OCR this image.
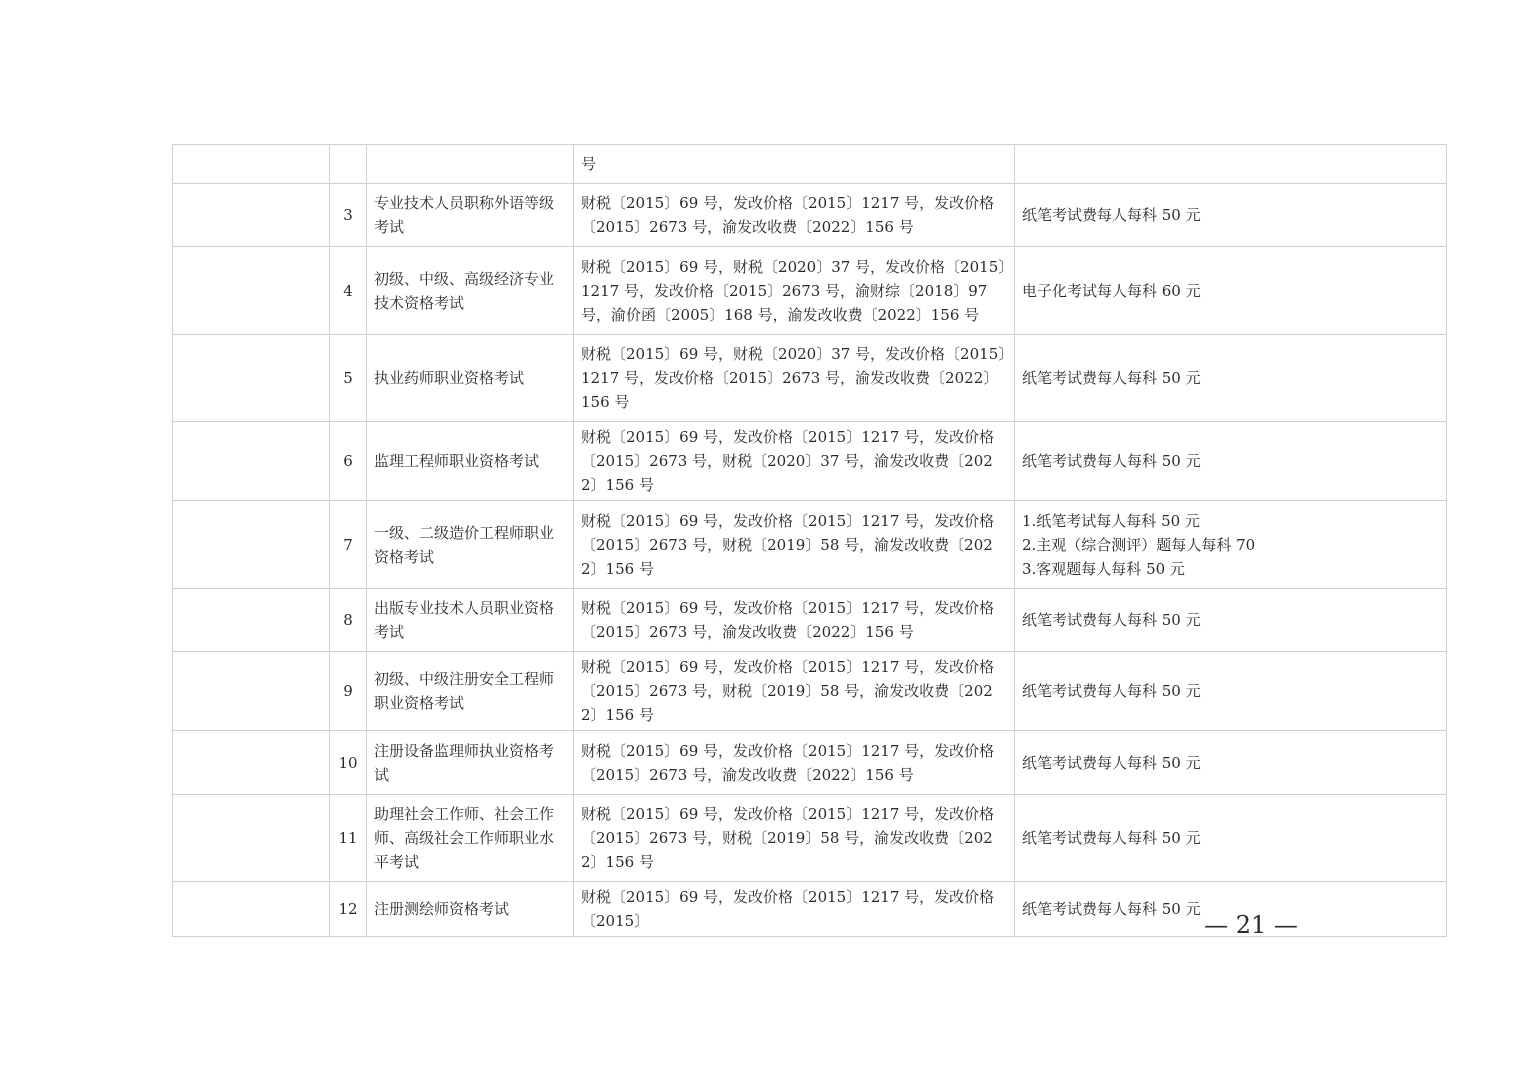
			号	

	3	专业技术人员职称外语等级考试	财税〔2015〕69 号，发改价格〔2015〕1217 号，发改价格〔2015〕2673 号，渝发改收费〔2022〕156 号	纸笔考试费每人每科 50 元

	4	初级、中级、高级经济专业技术资格考试	财税〔2015〕69 号，财税〔2020〕37 号，发改价格〔2015〕1217 号，发改价格〔2015〕2673 号，渝财综〔2018〕97 号，渝价函〔2005〕168 号，渝发改收费〔2022〕156 号	电子化考试每人每科 60 元

	5	执业药师职业资格考试	财税〔2015〕69 号，财税〔2020〕37 号，发改价格〔2015〕1217 号，发改价格〔2015〕2673 号，渝发改收费〔2022〕156 号	纸笔考试费每人每科 50 元

	6	监理工程师职业资格考试	财税〔2015〕69 号，发改价格〔2015〕1217 号，发改价格〔2015〕2673 号，财税〔2020〕37 号，渝发改收费〔2022〕156 号	纸笔考试费每人每科 50 元

	7	一级、二级造价工程师职业资格考试	财税〔2015〕69 号，发改价格〔2015〕1217 号，发改价格〔2015〕2673 号，财税〔2019〕58 号，渝发改收费〔2022〕156 号	1.纸笔考试每人每科 50 元
2.主观（综合测评）题每人每科 70
3.客观题每人每科 50 元

	8	出版专业技术人员职业资格考试	财税〔2015〕69 号，发改价格〔2015〕1217 号，发改价格〔2015〕2673 号，渝发改收费〔2022〕156 号	纸笔考试费每人每科 50 元

	9	初级、中级注册安全工程师职业资格考试	财税〔2015〕69 号，发改价格〔2015〕1217 号，发改价格〔2015〕2673 号，财税〔2019〕58 号，渝发改收费〔2022〕156 号	纸笔考试费每人每科 50 元

	10	注册设备监理师执业资格考试	财税〔2015〕69 号，发改价格〔2015〕1217 号，发改价格〔2015〕2673 号，渝发改收费〔2022〕156 号	纸笔考试费每人每科 50 元

	11	助理社会工作师、社会工作师、高级社会工作师职业水平考试	财税〔2015〕69 号，发改价格〔2015〕1217 号，发改价格〔2015〕2673 号，财税〔2019〕58 号，渝发改收费〔2022〕156 号	纸笔考试费每人每科 50 元

	12	注册测绘师资格考试	财税〔2015〕69 号，发改价格〔2015〕1217 号，发改价格〔2015〕	纸笔考试费每人每科 50 元
— 21 —
